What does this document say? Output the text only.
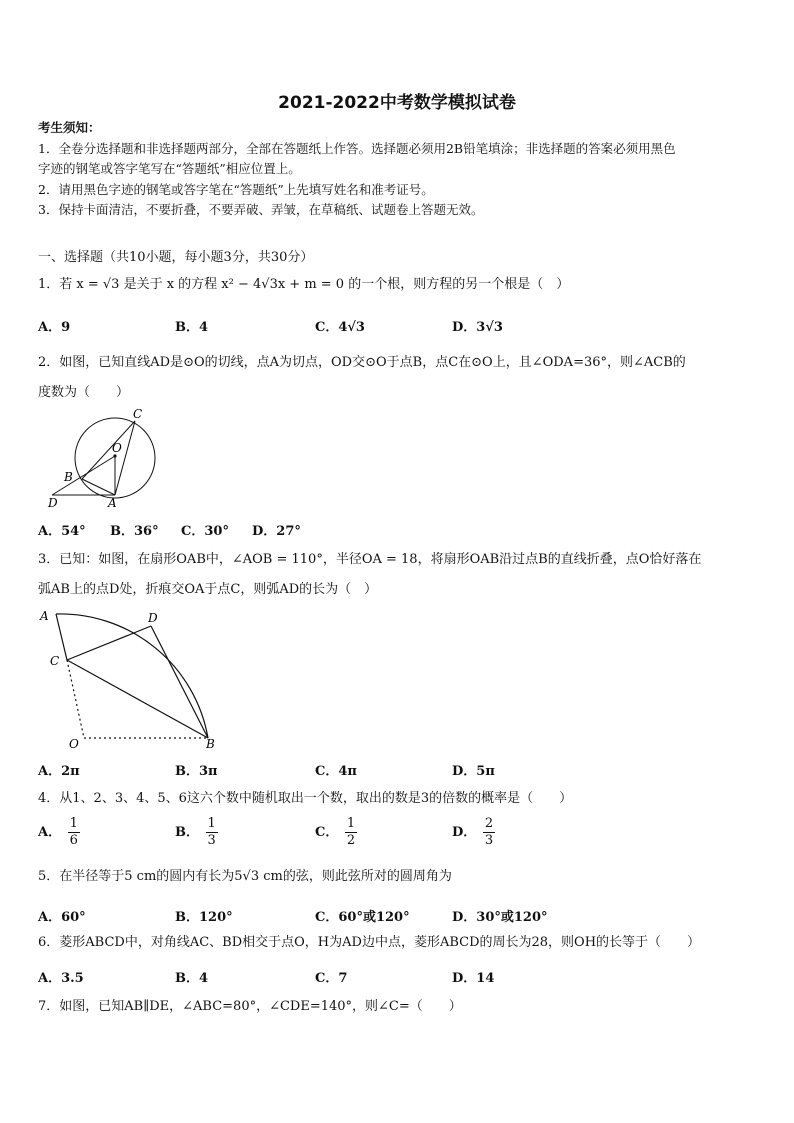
2021-2022中考数学模拟试卷
考生须知：
1．全卷分选择题和非选择题两部分，全部在答题纸上作答。选择题必须用2B铅笔填涂；非选择题的答案必须用黑色
字迹的钢笔或答字笔写在“答题纸”相应位置上。
2．请用黑色字迹的钢笔或答字笔在“答题纸”上先填写姓名和准考证号。
3．保持卡面清洁，不要折叠，不要弄破、弄皱，在草稿纸、试题卷上答题无效。
一、选择题（共10小题，每小题3分，共30分）
1．若 x = √3 是关于 x 的方程 x² − 4√3x + m = 0 的一个根，则方程的另一个根是（　）
A．9	B．4	C．4√3	D．3√3
2．如图，已知直线AD是⊙O的切线，点A为切点，OD交⊙O于点B，点C在⊙O上，且∠ODA=36°，则∠ACB的
度数为（　　）
C
O
B
D	A
A．54° B．36° C．30° D．27°
3．已知：如图，在扇形OAB中，∠AOB = 110°，半径OA = 18，将扇形OAB沿过点B的直线折叠，点O恰好落在
弧AB上的点D处，折痕交OA于点C，则弧AD的长为（　）
A	D
C
O	B
A．2π	B．3π	C．4π	D．5π
4．从1、2、3、4、5、6这六个数中随机取出一个数，取出的数是3的倍数的概率是（　　）
A． $\frac{1}{6}$	B． $\frac{1}{3}$	C． $\frac{1}{2}$	D． $\frac{2}{3}$
5．在半径等于5 cm的圆内有长为5√3 cm的弦，则此弦所对的圆周角为
A．60°	B．120°	C．60°或120°	D．30°或120°
6．菱形ABCD中，对角线AC、BD相交于点O，H为AD边中点，菱形ABCD的周长为28，则OH的长等于（　　）
A．3.5	B．4	C．7	D．14
7．如图，已知AB∥DE，∠ABC=80°，∠CDE=140°，则∠C=（　　）
